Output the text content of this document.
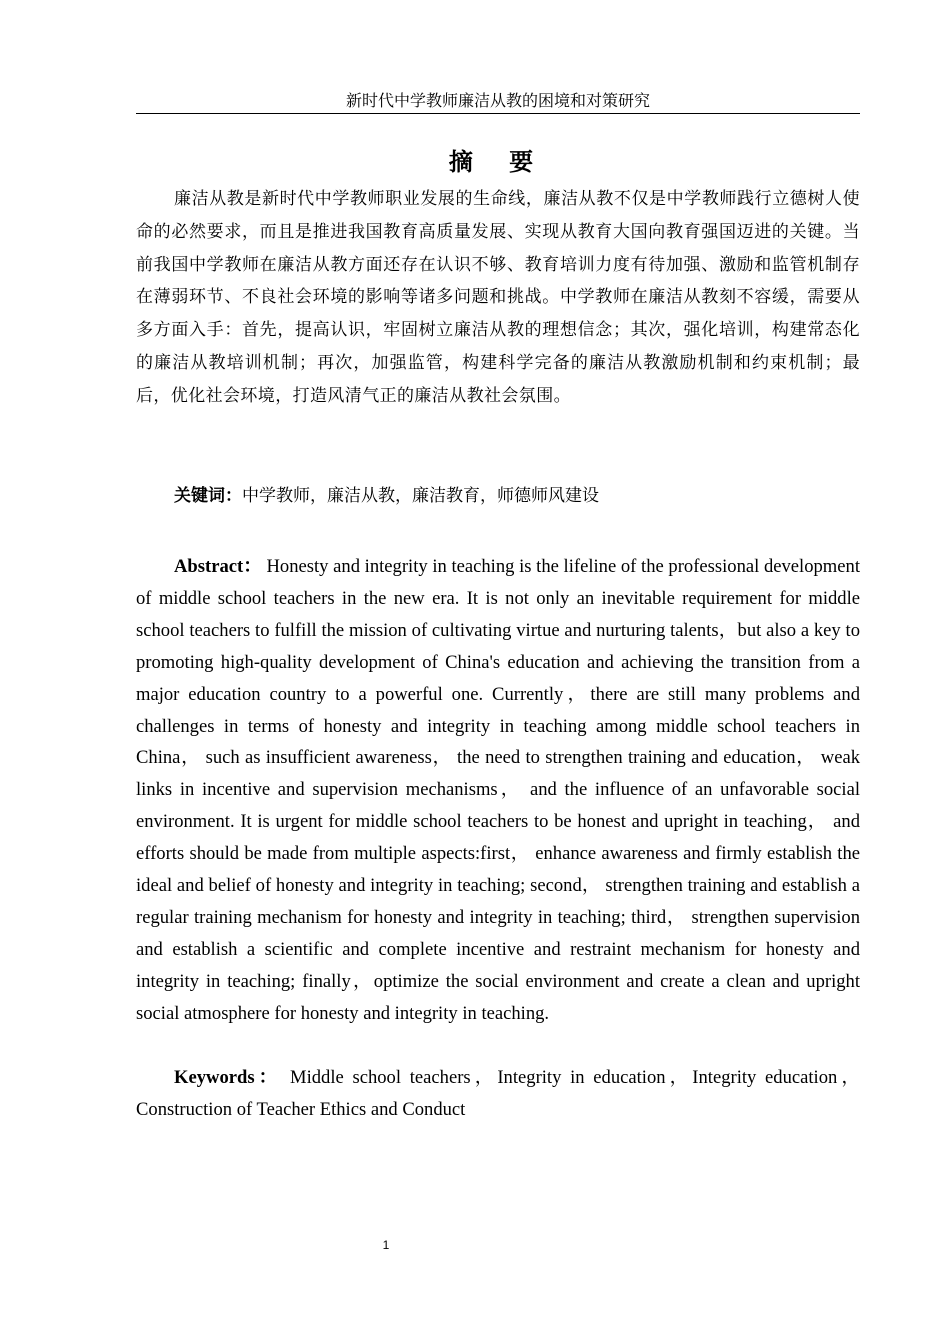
新时代中学教师廉洁从教的困境和对策研究
摘 要

廉洁从教是新时代中学教师职业发展的生命线，廉洁从教不仅是中学教师践行立德树人使命的必然要求，而且是推进我国教育高质量发展、实现从教育大国向教育强国迈进的关键。当前我国中学教师在廉洁从教方面还存在认识不够、教育培训力度有待加强、激励和监管机制存在薄弱环节、不良社会环境的影响等诸多问题和挑战。中学教师在廉洁从教刻不容缓，需要从多方面入手：首先，提高认识，牢固树立廉洁从教的理想信念；其次，强化培训，构建常态化的廉洁从教培训机制；再次，加强监管，构建科学完备的廉洁从教激励机制和约束机制；最后，优化社会环境，打造风清气正的廉洁从教社会氛围。

关键词：中学教师，廉洁从教，廉洁教育，师德师风建设

Abstract： Honesty and integrity in teaching is the lifeline of the professional development of middle school teachers in the new era. It is not only an inevitable requirement for middle school teachers to fulfill the mission of cultivating virtue and nurturing talents，but also a key to promoting high-quality development of China's education and achieving the transition from a major education country to a powerful one. Currently，there are still many problems and challenges in terms of honesty and integrity in teaching among middle school teachers in China， such as insufficient awareness， the need to strengthen training and education， weak links in incentive and supervision mechanisms， and the influence of an unfavorable social environment. It is urgent for middle school teachers to be honest and upright in teaching， and efforts should be made from multiple aspects:first， enhance awareness and firmly establish the ideal and belief of honesty and integrity in teaching; second， strengthen training and establish a regular training mechanism for honesty and integrity in teaching; third， strengthen supervision and establish a scientific and complete incentive and restraint mechanism for honesty and integrity in teaching; finally，optimize the social environment and create a clean and upright social atmosphere for honesty and integrity in teaching.

Keywords： Middle school teachers，Integrity in education，Integrity education，Construction of Teacher Ethics and Conduct

1
